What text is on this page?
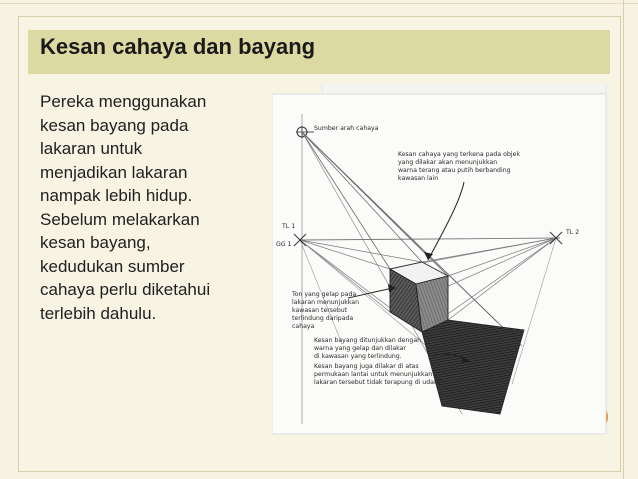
Kesan cahaya dan bayang
Pereka menggunakan
kesan bayang pada
lakaran untuk
menjadikan lakaran
nampak lebih hidup.
Sebelum melakarkan
kesan bayang,
kedudukan sumber
cahaya perlu diketahui
terlebih dahulu.
Sumber arah cahaya
TL 1
TL 2
GG 1
Kesan cahaya yang terkena pada objek
yang dilakar akan menunjukkan
warna terang atau putih berbanding
kawasan lain
Ton yang gelap pada
lakaran menunjukkan
kawasan tersebut
terlindung daripada
cahaya
Kesan bayang ditunjukkan dengan
warna yang gelap dan dilakar
di kawasan yang terlindung.
Kesan bayang juga dilakar di atas
permukaan lantai untuk menunjukkan
lakaran tersebut tidak terapung di udara
